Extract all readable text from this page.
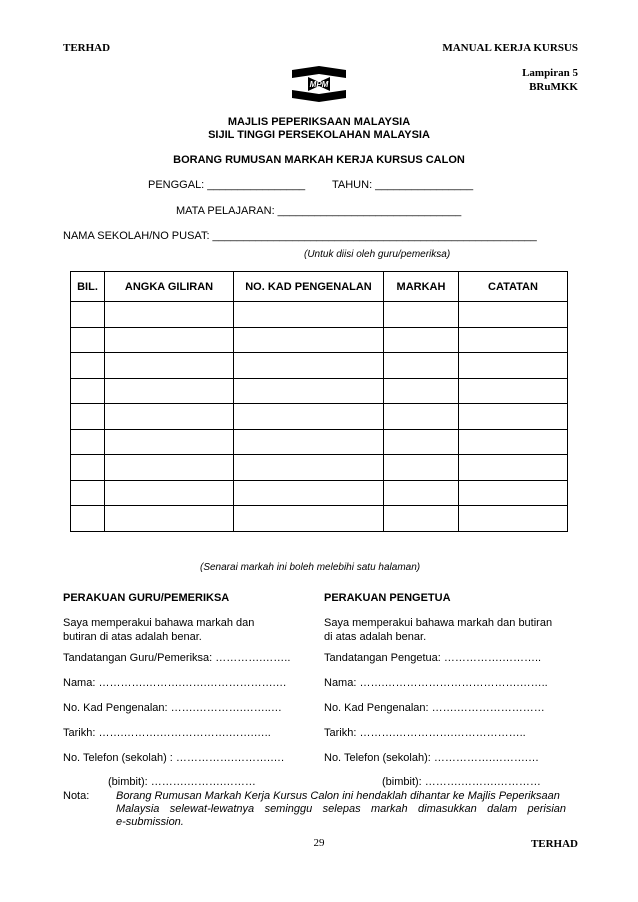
TERHAD	MANUAL KERJA KURSUS
Lampiran 5
BRuMKK
MPM
MAJLIS PEPERIKSAAN MALAYSIA
SIJIL TINGGI PERSEKOLAHAN MALAYSIA
BORANG RUMUSAN MARKAH KERJA KURSUS CALON
PENGGAL: ________________ TAHUN: ________________
MATA PELAJARAN: ______________________________
NAMA SEKOLAH/NO PUSAT: _____________________________________________________
(Untuk diisi oleh guru/pemeriksa)
BIL.	ANGKA GILIRAN	NO. KAD PENGENALAN	MARKAH	CATATAN

(Senarai markah ini boleh melebihi satu halaman)
PERAKUAN GURU/PEMERIKSA
Saya memperakui bahawa markah dan
butiran di atas adalah benar.
Tandatangan Guru/Pemeriksa: ………….……..
Nama: ………….……….…….……………….…
No. Kad Pengenalan: …….………….……..…
Tarikh: …….……….……………….…….…..
No. Telefon (sekolah) : …………….……….….
(bimbit): ……….……….………
PERAKUAN PENGETUA
Saya memperakui bahawa markah dan butiran
di atas adalah benar.
Tandatangan Pengetua: …………….………..
Nama: …….……………………………….……..
No. Kad Pengenalan: …….……………………
Tarikh: ……….…………….………………..
No. Telefon (sekolah): …………….……….…
(bimbit): ……….……….…………
Nota: Borang Rumusan Markah Kerja Kursus Calon ini hendaklah dihantar ke Majlis Peperiksaan
Malaysia selewat-lewatnya seminggu selepas markah dimasukkan dalam perisian
e-submission.
29	TERHAD
